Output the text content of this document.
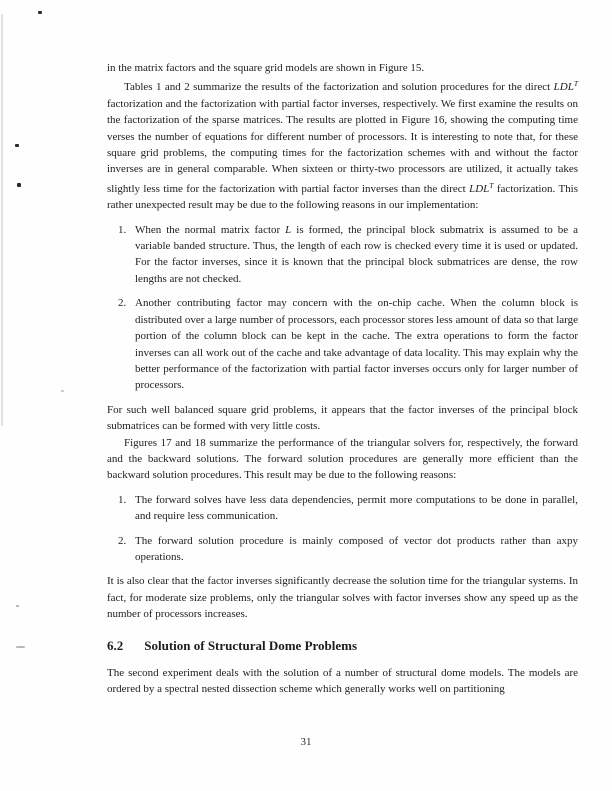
in the matrix factors and the square grid models are shown in Figure 15.

Tables 1 and 2 summarize the results of the factorization and solution procedures for the direct $LDL^T$ factorization and the factorization with partial factor inverses, respectively. We first examine the results on the factorization of the sparse matrices. The results are plotted in Figure 16, showing the computing time verses the number of equations for different number of processors. It is interesting to note that, for these square grid problems, the computing times for the factorization schemes with and without the factor inverses are in general comparable. When sixteen or thirty-two processors are utilized, it actually takes slightly less time for the factorization with partial factor inverses than the direct $LDL^T$ factorization. This rather unexpected result may be due to the following reasons in our implementation:

1. When the normal matrix factor L is formed, the principal block submatrix is assumed to be a variable banded structure. Thus, the length of each row is checked every time it is used or updated. For the factor inverses, since it is known that the principal block submatrices are dense, the row lengths are not checked.
2. Another contributing factor may concern with the on-chip cache. When the column block is distributed over a large number of processors, each processor stores less amount of data so that large portion of the column block can be kept in the cache. The extra operations to form the factor inverses can all work out of the cache and take advantage of data locality. This may explain why the better performance of the factorization with partial factor inverses occurs only for larger number of processors.

For such well balanced square grid problems, it appears that the factor inverses of the principal block submatrices can be formed with very little costs.

Figures 17 and 18 summarize the performance of the triangular solvers for, respectively, the forward and the backward solutions. The forward solution procedures are generally more efficient than the backward solution procedures. This result may be due to the following reasons:

1. The forward solves have less data dependencies, permit more computations to be done in parallel, and require less communication.
2. The forward solution procedure is mainly composed of vector dot products rather than axpy operations.

It is also clear that the factor inverses significantly decrease the solution time for the triangular systems. In fact, for moderate size problems, only the triangular solves with factor inverses show any speed up as the number of processors increases.

6.2 Solution of Structural Dome Problems

The second experiment deals with the solution of a number of structural dome models. The models are ordered by a spectral nested dissection scheme which generally works well on partitioning

31
